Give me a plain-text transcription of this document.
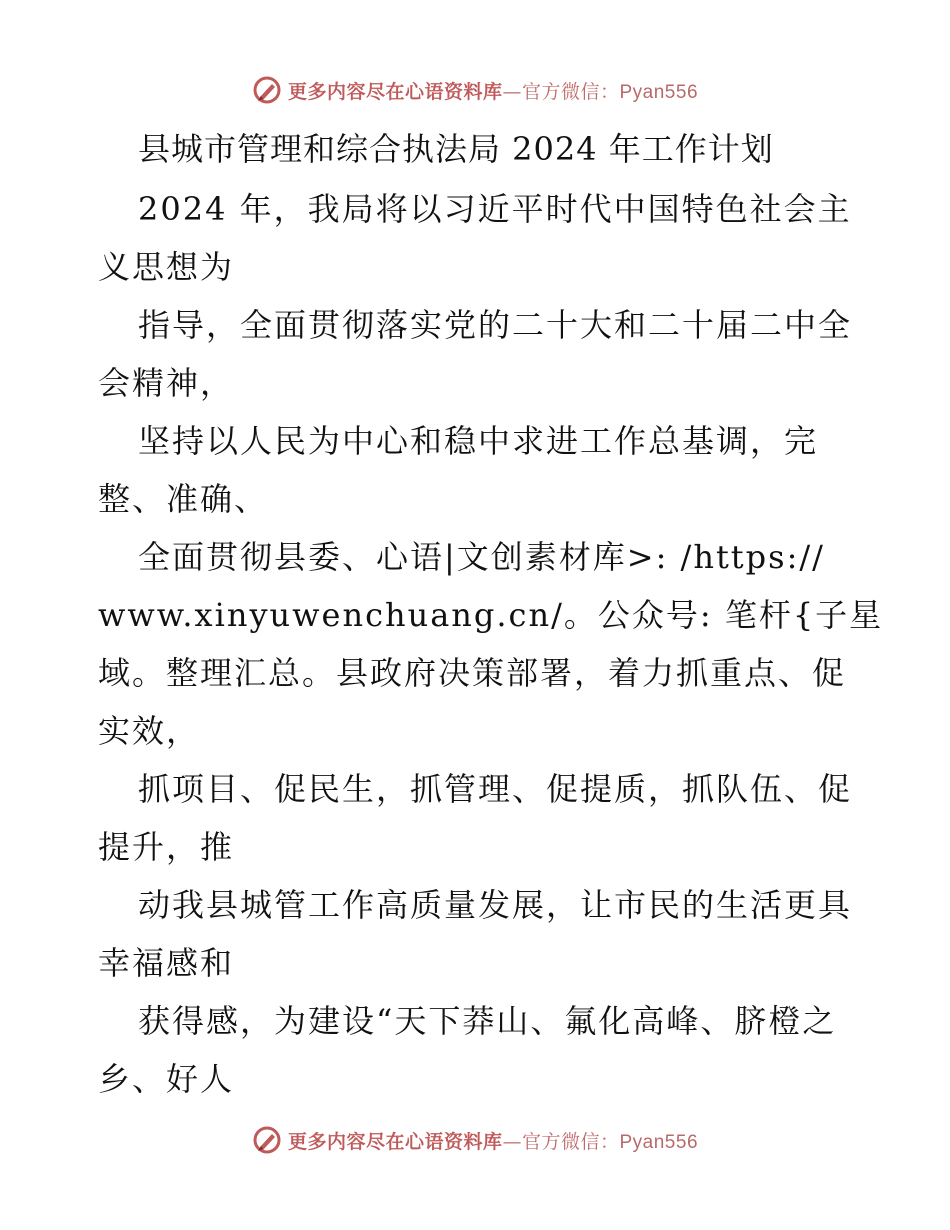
更多内容尽在心语资料库—官方微信：Pyan556
县城市管理和综合执法局 2024 年工作计划
2024 年，我局将以习近平时代中国特色社会主
义思想为
指导，全面贯彻落实党的二十大和二十届二中全
会精神，
坚持以人民为中心和稳中求进工作总基调，完
整、准确、
全面贯彻县委、心语|文创素材库>: /https://
www.xinyuwenchuang.cn/。公众号: 笔杆{子星
域。整理汇总。县政府决策部署，着力抓重点、促
实效，
抓项目、促民生，抓管理、促提质，抓队伍、促
提升，推
动我县城管工作高质量发展，让市民的生活更具
幸福感和
获得感，为建设“天下莽山、氟化高峰、脐橙之
乡、好人
更多内容尽在心语资料库—官方微信：Pyan556
